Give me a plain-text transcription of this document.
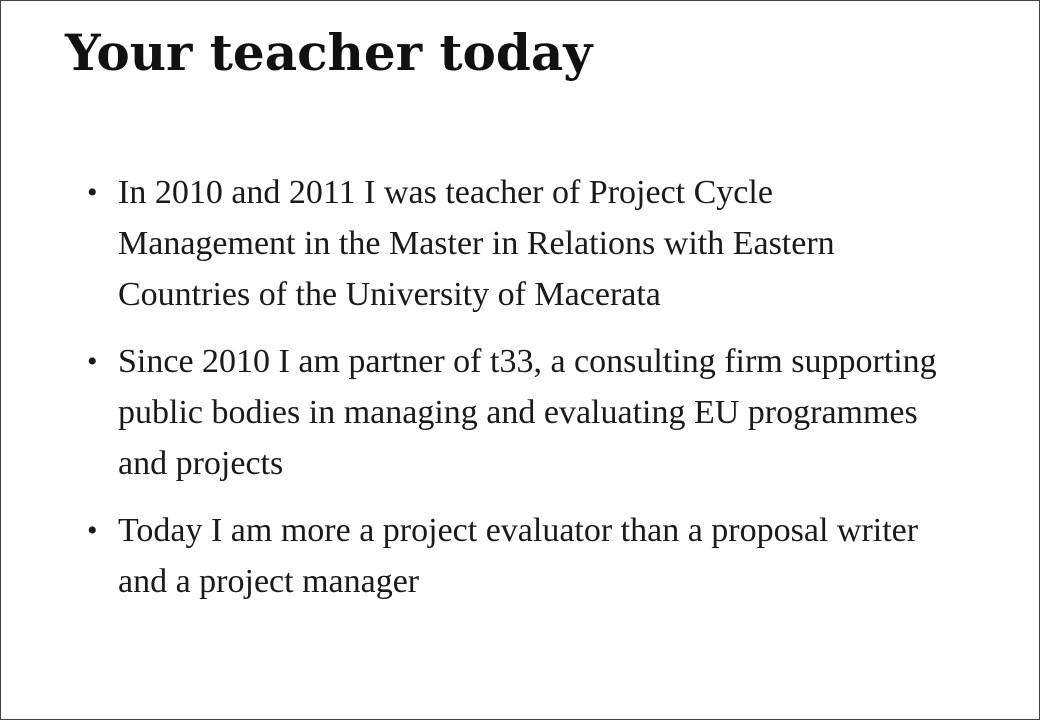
Your teacher today
• In 2010 and 2011 I was teacher of Project Cycle Management in the Master in Relations with Eastern Countries of the University of Macerata
• Since 2010 I am partner of t33, a consulting firm supporting public bodies in managing and evaluating EU programmes and projects
• Today I am more a project evaluator than a proposal writer and a project manager
